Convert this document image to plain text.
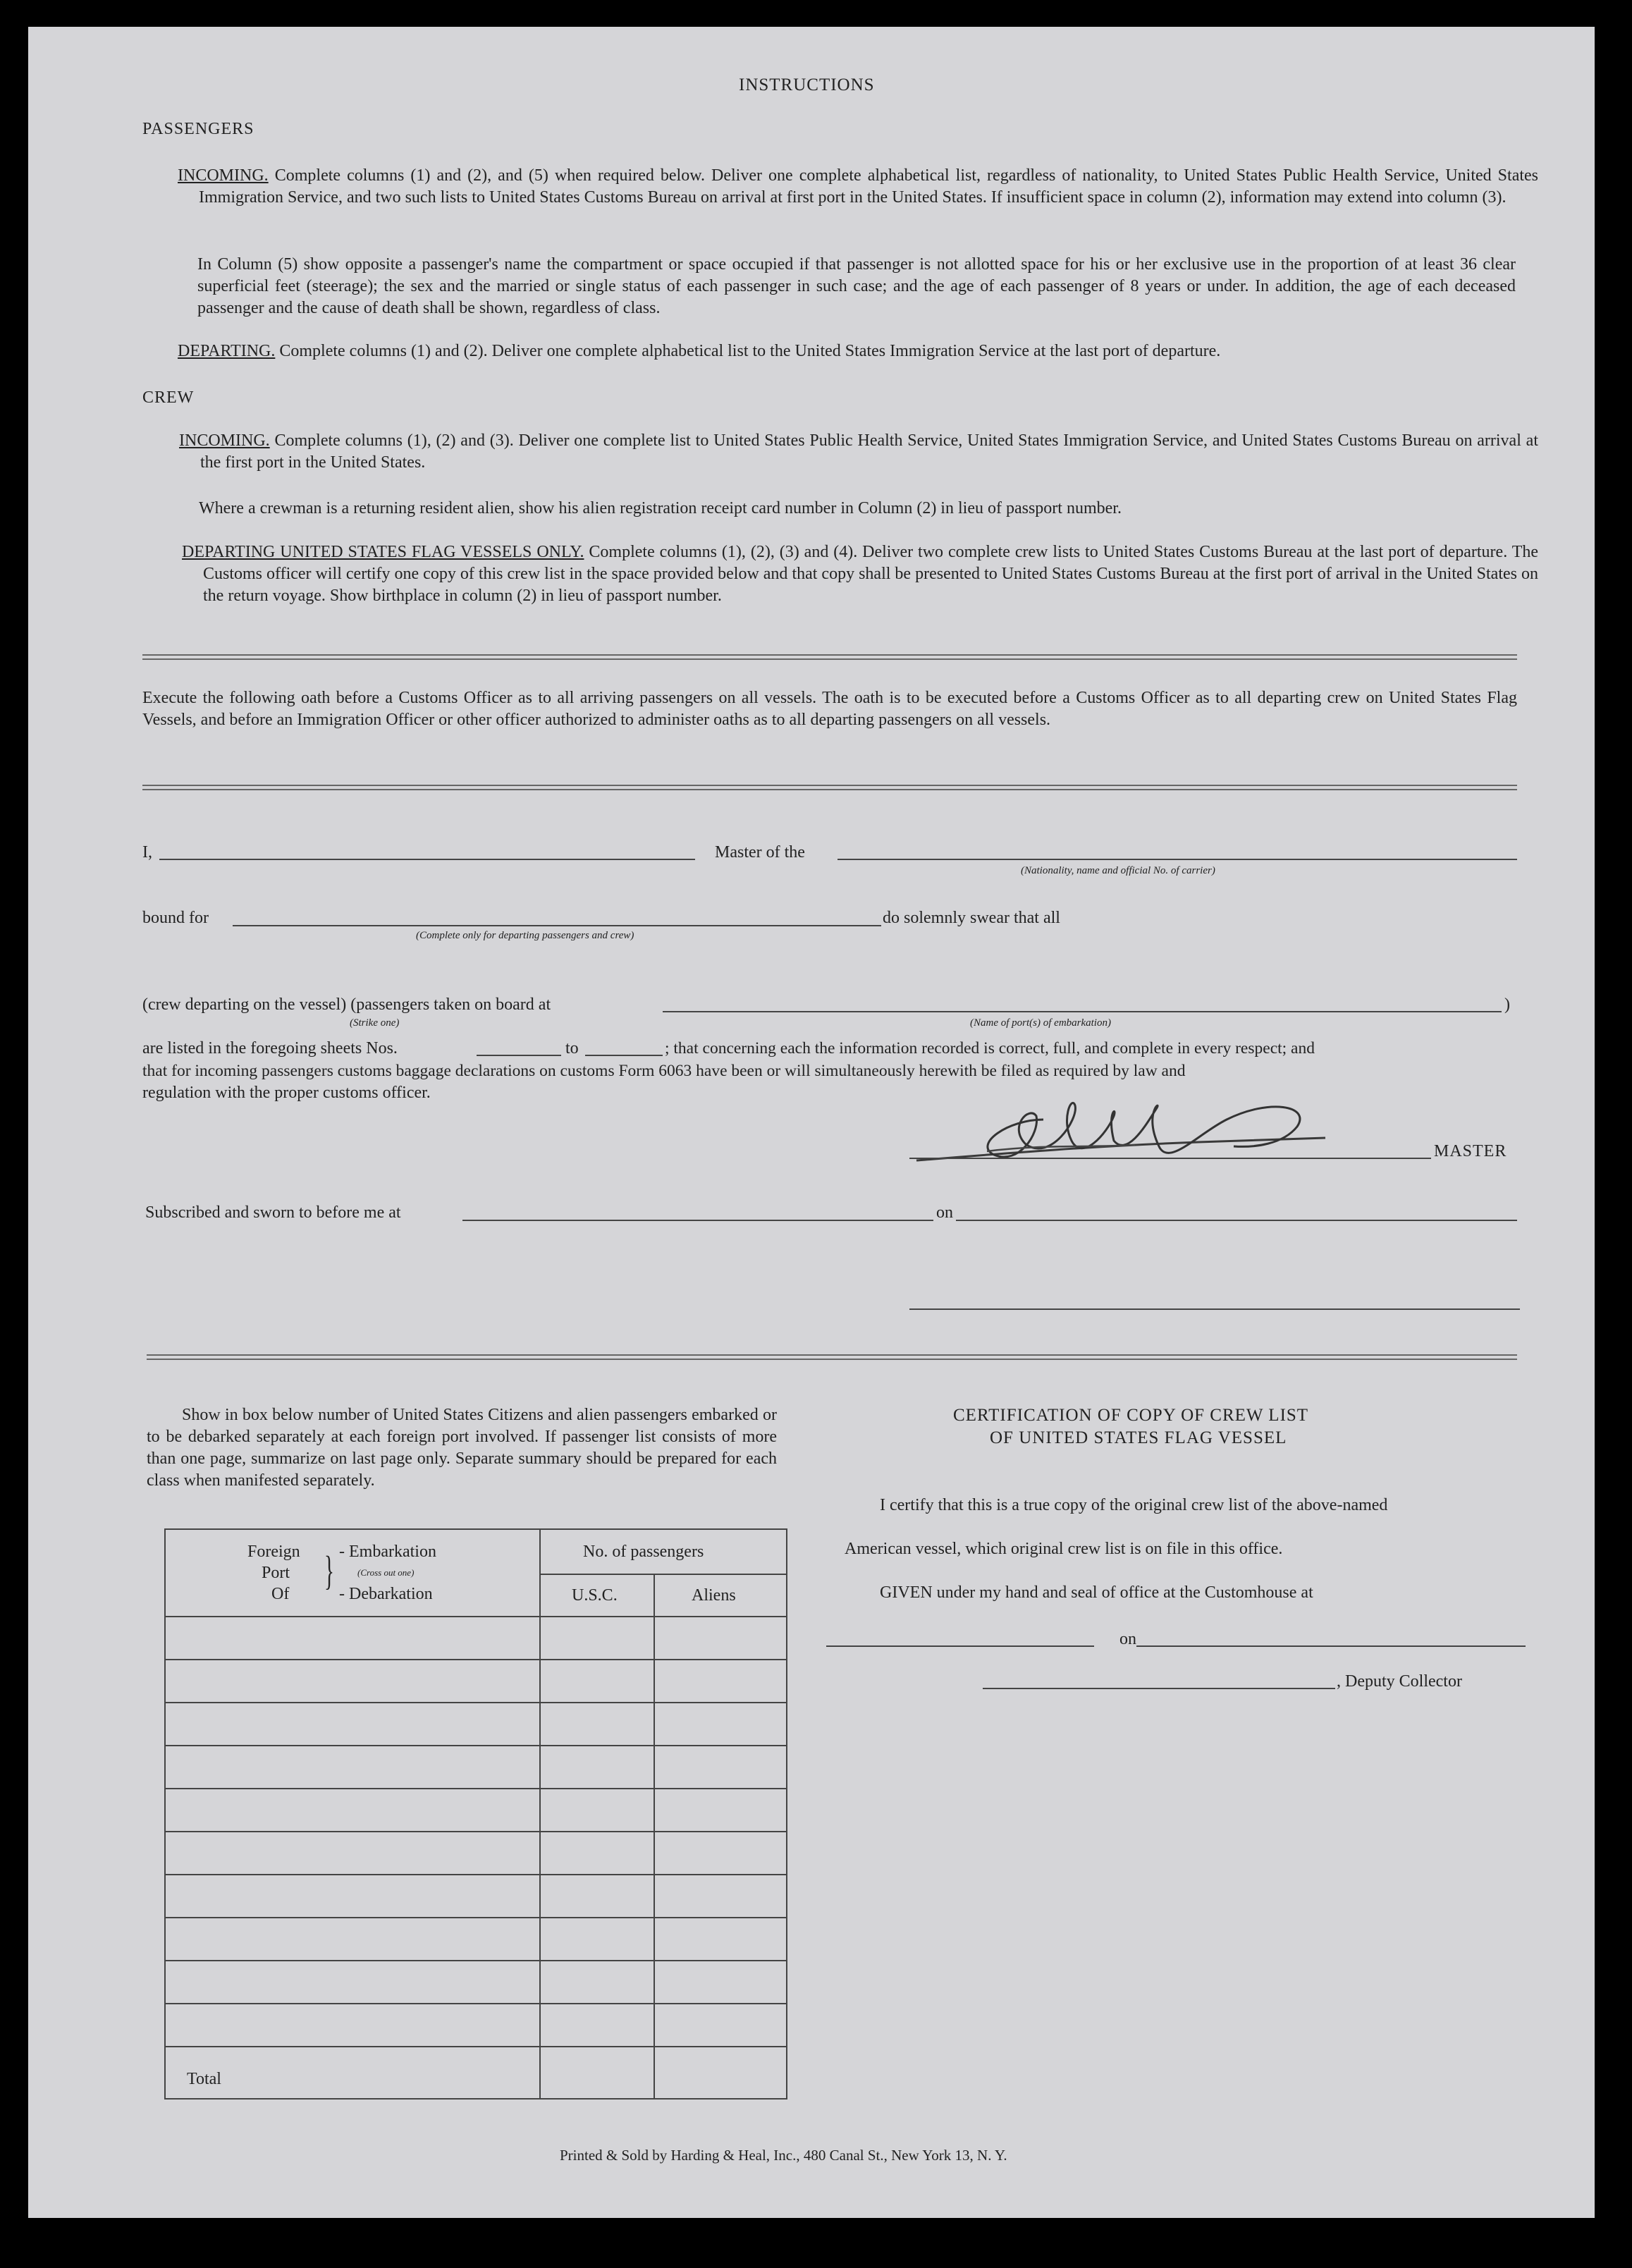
INSTRUCTIONS
PASSENGERS
INCOMING. Complete columns (1) and (2), and (5) when required below. Deliver one complete alphabetical list, regardless of nationality, to United States Public Health Service, United States Immigration Service, and two such lists to United States Customs Bureau on arrival at first port in the United States. If insufficient space in column (2), information may extend into column (3).
In Column (5) show opposite a passenger's name the compartment or space occupied if that passenger is not allotted space for his or her exclusive use in the proportion of at least 36 clear superficial feet (steerage); the sex and the married or single status of each passenger in such case; and the age of each passenger of 8 years or under. In addition, the age of each deceased passenger and the cause of death shall be shown, regardless of class.
DEPARTING. Complete columns (1) and (2). Deliver one complete alphabetical list to the United States Immigration Service at the last port of departure.
CREW
INCOMING. Complete columns (1), (2) and (3). Deliver one complete list to United States Public Health Service, United States Immigration Service, and United States Customs Bureau on arrival at the first port in the United States.
Where a crewman is a returning resident alien, show his alien registration receipt card number in Column (2) in lieu of passport number.
DEPARTING UNITED STATES FLAG VESSELS ONLY. Complete columns (1), (2), (3) and (4). Deliver two complete crew lists to United States Customs Bureau at the last port of departure. The Customs officer will certify one copy of this crew list in the space provided below and that copy shall be presented to United States Customs Bureau at the first port of arrival in the United States on the return voyage. Show birthplace in column (2) in lieu of passport number.
Execute the following oath before a Customs Officer as to all arriving passengers on all vessels. The oath is to be executed before a Customs Officer as to all departing crew on United States Flag Vessels, and before an Immigration Officer or other officer authorized to administer oaths as to all departing passengers on all vessels.
I,	Master of the
(Nationality, name and official No. of carrier)
bound for
(Complete only for departing passengers and crew)
do solemnly swear that all
(crew departing on the vessel) (passengers taken on board at	)
(Strike one)	(Name of port(s) of embarkation)
are listed in the foregoing sheets Nos.	to	; that concerning each the information recorded is correct, full, and complete in every respect; and
that for incoming passengers customs baggage declarations on customs Form 6063 have been or will simultaneously herewith be filed as required by law and
regulation with the proper customs officer.
MASTER
Subscribed and sworn to before me at	on
Show in box below number of United States Citizens and alien passengers embarked or to be debarked separately at each foreign port involved. If passenger list consists of more than one page, summarize on last page only. Separate summary should be prepared for each class when manifested separately.
Foreign
Port
Of
} - Embarkation
(Cross out one)
- Debarkation
No. of passengers
U.S.C.	Aliens
Total
CERTIFICATION OF COPY OF CREW LIST
OF UNITED STATES FLAG VESSEL
I certify that this is a true copy of the original crew list of the above-named
American vessel, which original crew list is on file in this office.
GIVEN under my hand and seal of office at the Customhouse at
on
, Deputy Collector
Printed & Sold by Harding & Heal, Inc., 480 Canal St., New York 13, N. Y.
